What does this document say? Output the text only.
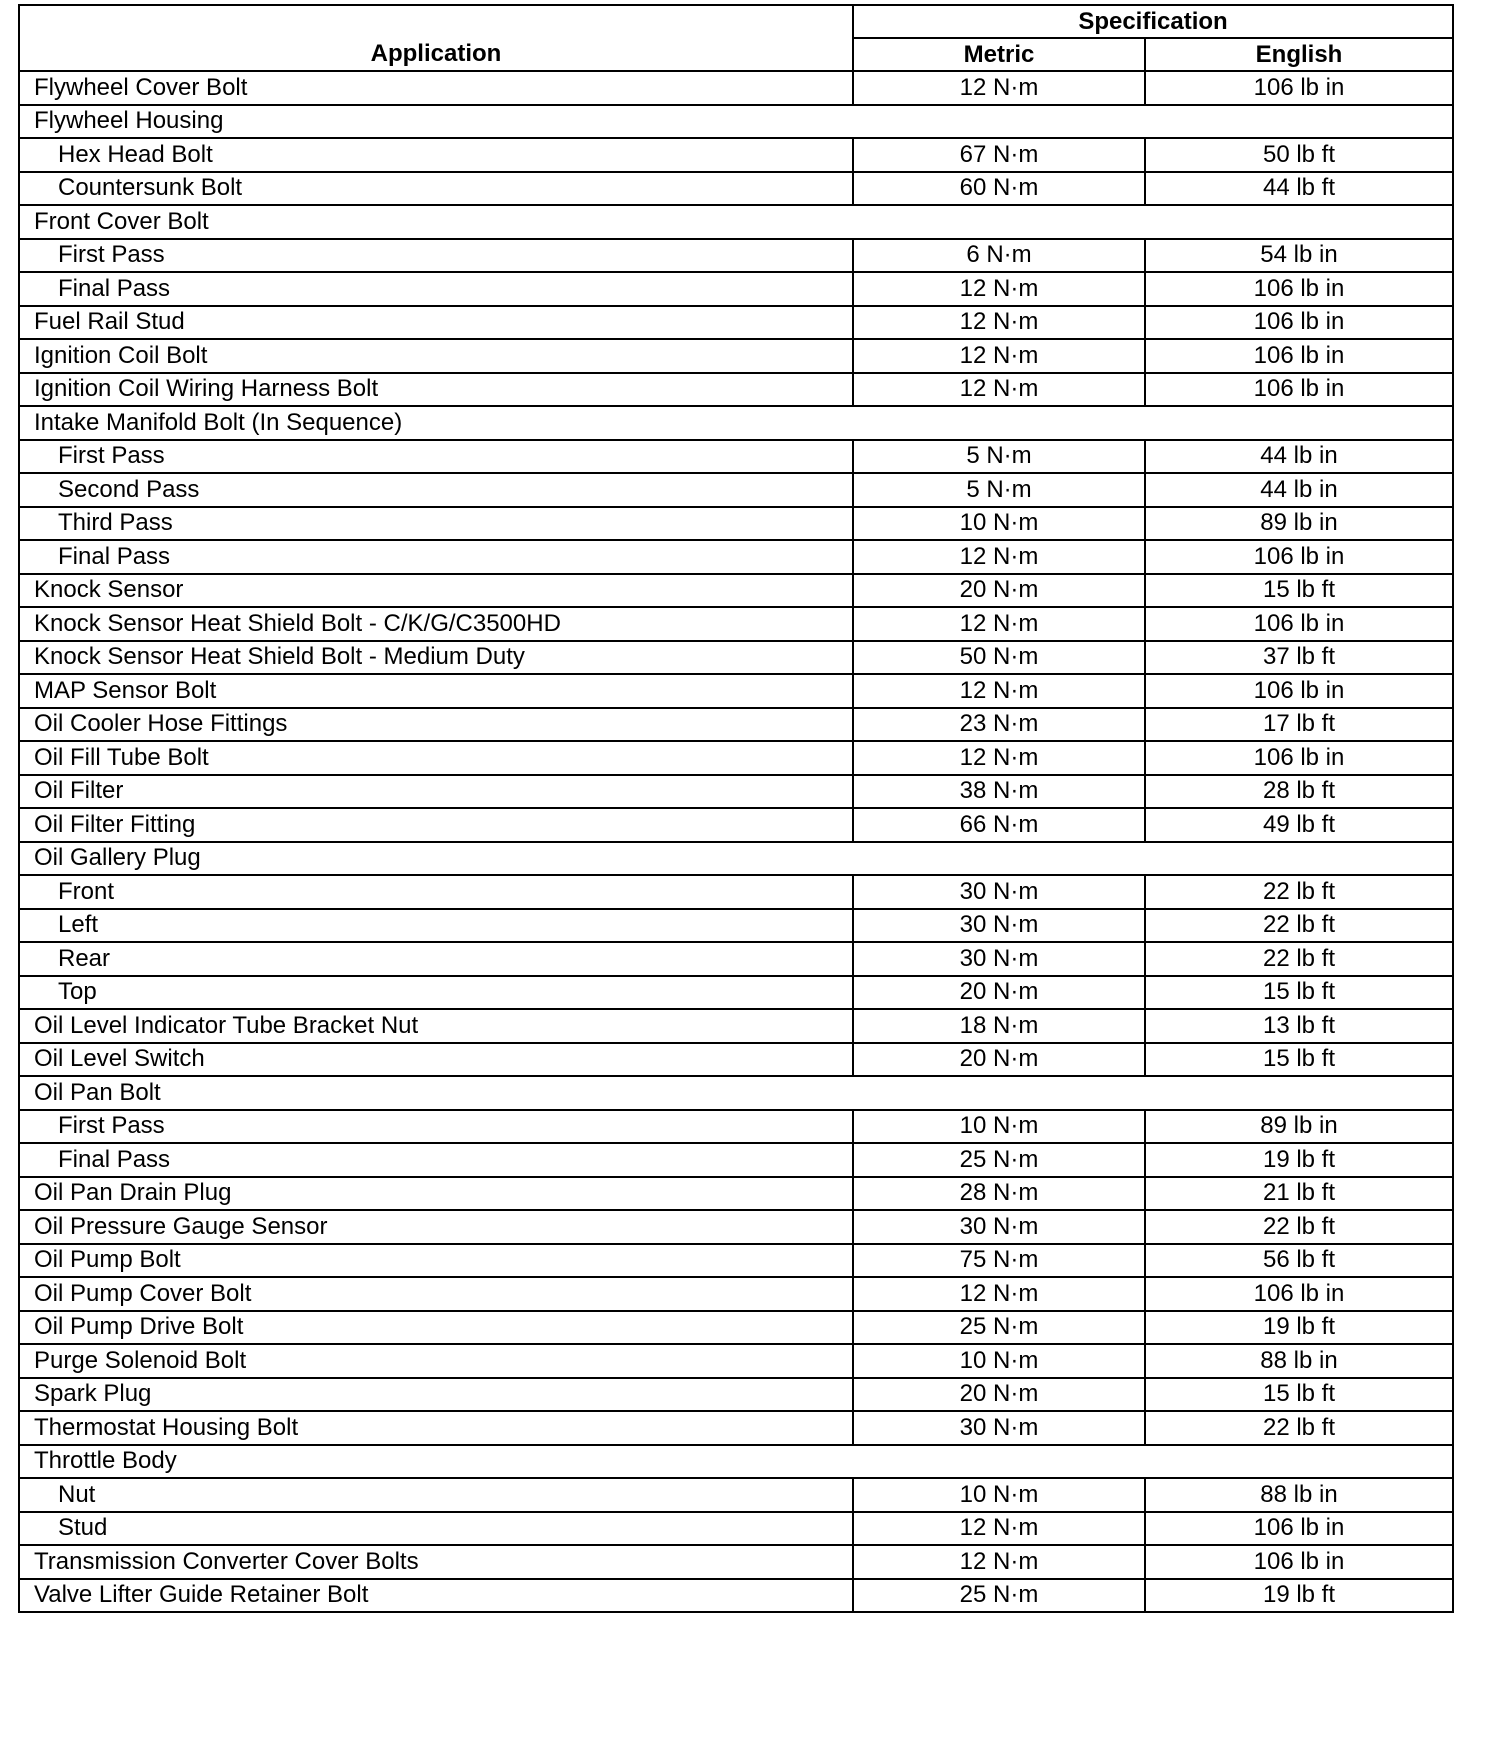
Application	Specification	
	Metric	English
Flywheel Cover Bolt	12 N·m	106 lb in
Flywheel Housing		
Hex Head Bolt	67 N·m	50 lb ft
Countersunk Bolt	60 N·m	44 lb ft
Front Cover Bolt		
First Pass	6 N·m	54 lb in
Final Pass	12 N·m	106 lb in
Fuel Rail Stud	12 N·m	106 lb in
Ignition Coil Bolt	12 N·m	106 lb in
Ignition Coil Wiring Harness Bolt	12 N·m	106 lb in
Intake Manifold Bolt (In Sequence)		
First Pass	5 N·m	44 lb in
Second Pass	5 N·m	44 lb in
Third Pass	10 N·m	89 lb in
Final Pass	12 N·m	106 lb in
Knock Sensor	20 N·m	15 lb ft
Knock Sensor Heat Shield Bolt - C/K/G/C3500HD	12 N·m	106 lb in
Knock Sensor Heat Shield Bolt - Medium Duty	50 N·m	37 lb ft
MAP Sensor Bolt	12 N·m	106 lb in
Oil Cooler Hose Fittings	23 N·m	17 lb ft
Oil Fill Tube Bolt	12 N·m	106 lb in
Oil Filter	38 N·m	28 lb ft
Oil Filter Fitting	66 N·m	49 lb ft
Oil Gallery Plug		
Front	30 N·m	22 lb ft
Left	30 N·m	22 lb ft
Rear	30 N·m	22 lb ft
Top	20 N·m	15 lb ft
Oil Level Indicator Tube Bracket Nut	18 N·m	13 lb ft
Oil Level Switch	20 N·m	15 lb ft
Oil Pan Bolt		
First Pass	10 N·m	89 lb in
Final Pass	25 N·m	19 lb ft
Oil Pan Drain Plug	28 N·m	21 lb ft
Oil Pressure Gauge Sensor	30 N·m	22 lb ft
Oil Pump Bolt	75 N·m	56 lb ft
Oil Pump Cover Bolt	12 N·m	106 lb in
Oil Pump Drive Bolt	25 N·m	19 lb ft
Purge Solenoid Bolt	10 N·m	88 lb in
Spark Plug	20 N·m	15 lb ft
Thermostat Housing Bolt	30 N·m	22 lb ft
Throttle Body		
Nut	10 N·m	88 lb in
Stud	12 N·m	106 lb in
Transmission Converter Cover Bolts	12 N·m	106 lb in
Valve Lifter Guide Retainer Bolt	25 N·m	19 lb ft
